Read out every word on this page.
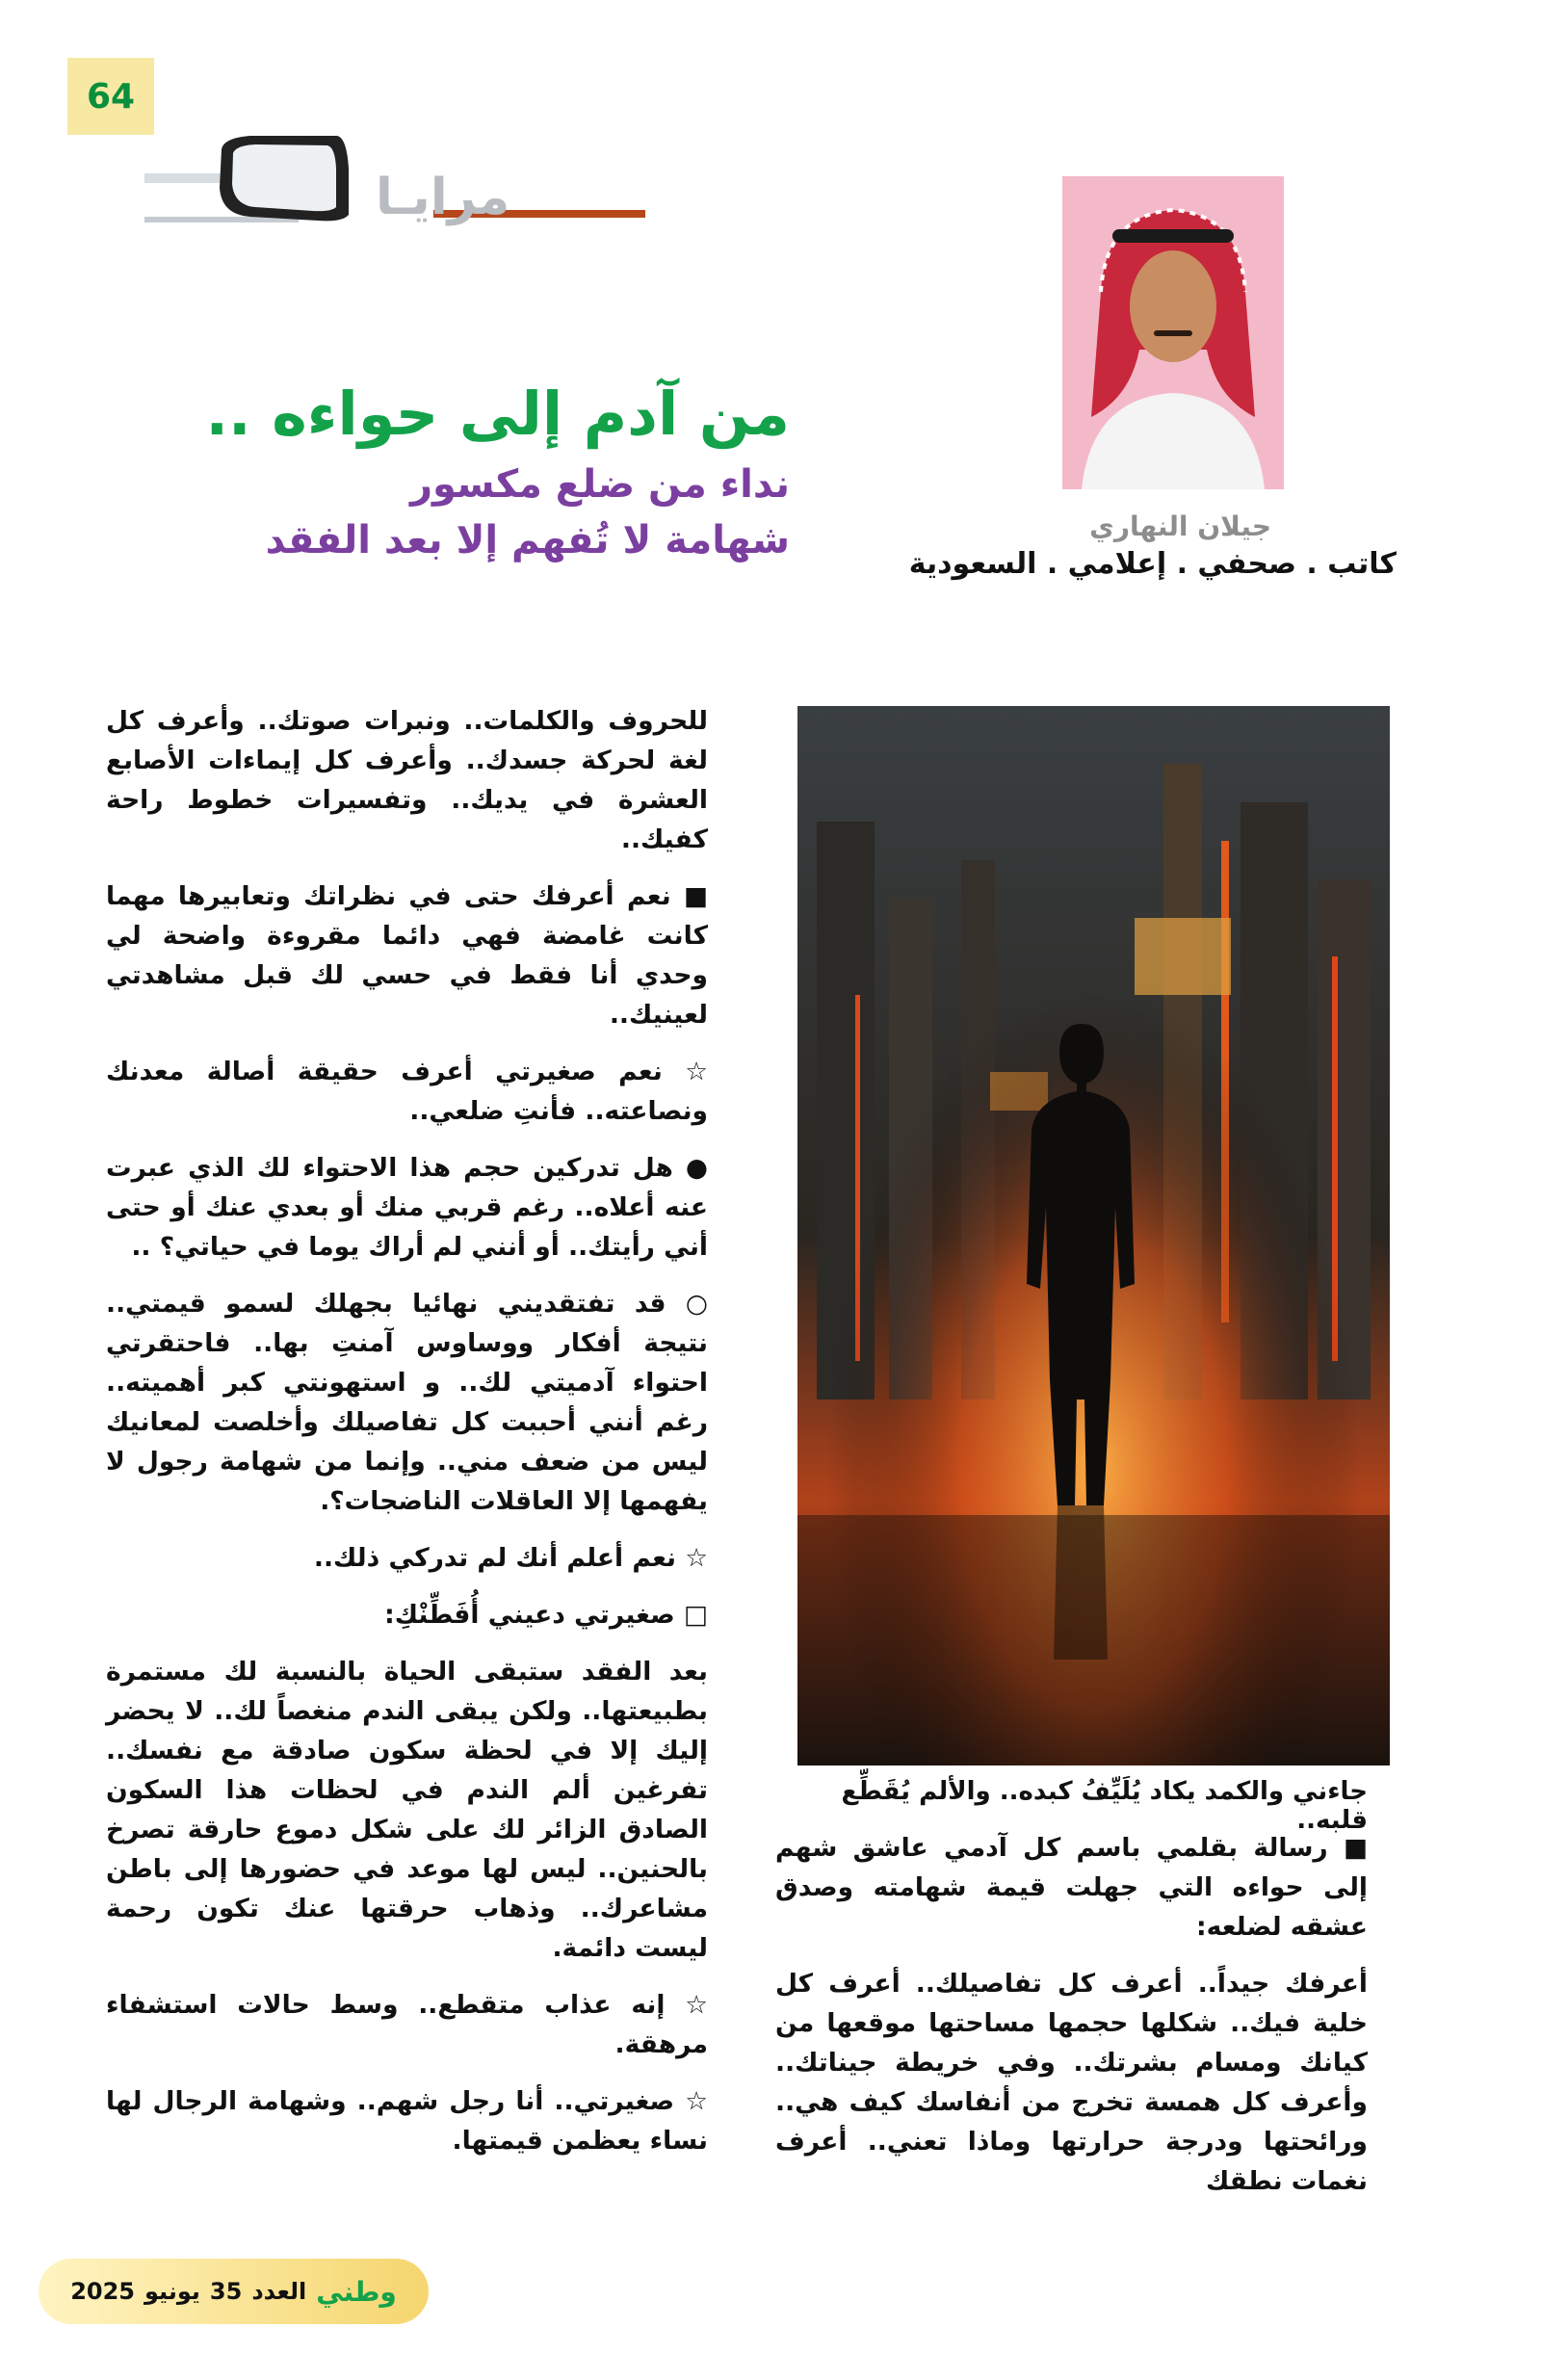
64
مرايـا
جيلان النهاري
كاتب . صحفي . إعلامي . السعودية
من آدم إلى حواءه ..
نداء من ضلع مكسور
شهامة لا تُفهم إلا بعد الفقد

للحروف والكلمات.. ونبرات صوتك.. وأعرف كل لغة لحركة جسدك.. وأعرف كل إيماءات الأصابع العشرة في يديك.. وتفسيرات خطوط راحة كفيك..

■ نعم أعرفك حتى في نظراتك وتعابيرها مهما كانت غامضة فهي دائما مقروءة واضحة لي وحدي أنا فقط في حسي لك قبل مشاهدتي لعينيك..

☆ نعم صغيرتي أعرف حقيقة أصالة معدنك ونصاعته.. فأنتِ ضلعي..

● هل تدركين حجم هذا الاحتواء لك الذي عبرت عنه أعلاه.. رغم قربي منك أو بعدي عنك أو حتى أني رأيتك.. أو أنني لم أراك يوما في حياتي؟ ..

○ قد تفتقديني نهائيا بجهلك لسمو قيمتي.. نتيجة أفكار ووساوس آمنتِ بها.. فاحتقرتي احتواء آدميتي لك.. و استهونتي كبر أهميته.. رغم أنني أحببت كل تفاصيلك وأخلصت لمعانيك ليس من ضعف مني.. وإنما من شهامة رجول لا يفهمها إلا العاقلات الناضجات؟.

☆ نعم أعلم أنك لم تدركي ذلك..

□ صغيرتي دعيني أُفَطِّنْكِ:

بعد الفقد ستبقى الحياة بالنسبة لك مستمرة بطبيعتها.. ولكن يبقى الندم منغصاً لك.. لا يحضر إليك إلا في لحظة سكون صادقة مع نفسك.. تفرغين ألم الندم في لحظات هذا السكون الصادق الزائر لك على شكل دموع حارقة تصرخ بالحنين.. ليس لها موعد في حضورها إلى باطن مشاعرك.. وذهاب حرقتها عنك تكون رحمة ليست دائمة.

☆ إنه عذاب متقطع.. وسط حالات استشفاء مرهقة.

☆ صغيرتي.. أنا رجل شهم.. وشهامة الرجال لها نساء يعظمن قيمتها.

جاءني والكمد يكاد يُلَيِّفُ كبده.. والألم يُقَطِّع قلبه..

■ رسالة بقلمي باسم كل آدمي عاشق شهم إلى حواءه التي جهلت قيمة شهامته وصدق عشقه لضلعه:

أعرفك جيداً.. أعرف كل تفاصيلك.. أعرف كل خلية فيك.. شكلها حجمها مساحتها موقعها من كيانك ومسام بشرتك.. وفي خريطة جيناتك.. وأعرف كل همسة تخرج من أنفاسك كيف هي.. ورائحتها ودرجة حرارتها وماذا تعني.. أعرف نغمات نطقك

وطني
العدد
35
يونيو
2025
